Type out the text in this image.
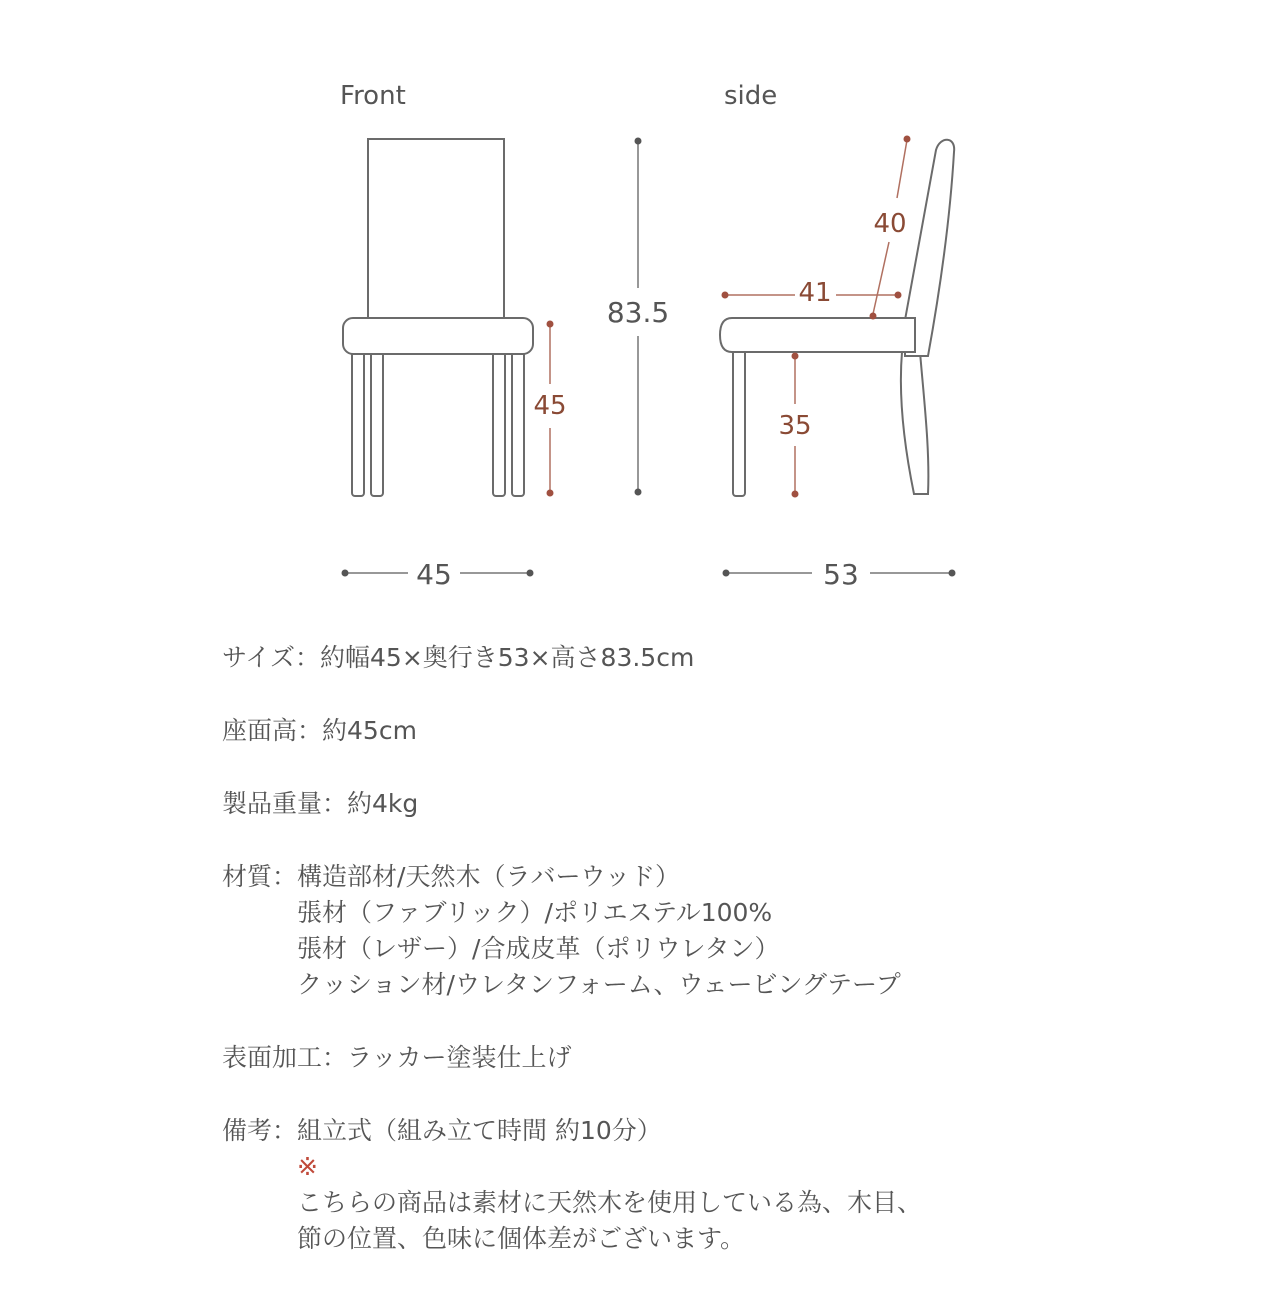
Front	side
45
83.5
45
40
41
35
53
サイズ： 約幅45×奥行き53×高さ83.5cm
座面高： 約45cm
製品重量： 約4kg
材質： 構造部材/天然木（ラバーウッド）
張材（ファブリック）/ポリエステル100%
張材（レザー）/合成皮革（ポリウレタン）
クッション材/ウレタンフォーム、ウェービングテープ
表面加工： ラッカー塗装仕上げ
備考： 組立式（組み立て時間 約10分）
※
こちらの商品は素材に天然木を使用している為、木目、
節の位置、色味に個体差がございます。
